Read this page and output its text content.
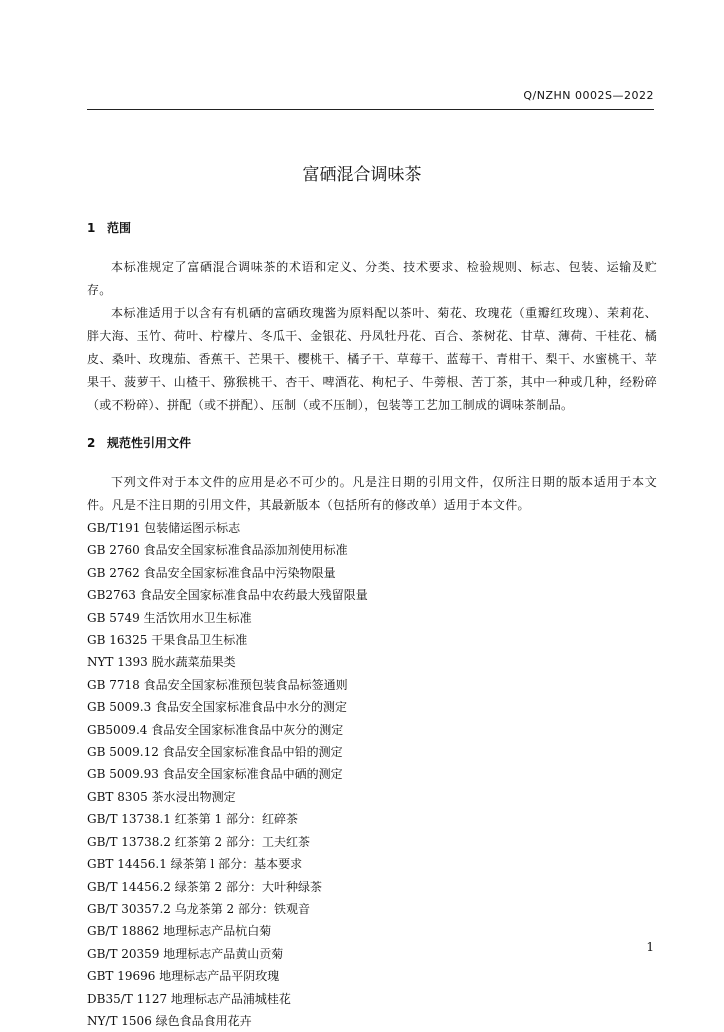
Q/NZHN 0002S—2022
富硒混合调味茶
1 范围

本标准规定了富硒混合调味茶的术语和定义、分类、技术要求、检验规则、标志、包装、运输及贮存。

本标准适用于以含有有机硒的富硒玫瑰酱为原料配以茶叶、菊花、玫瑰花（重瓣红玫瑰）、茉莉花、胖大海、玉竹、荷叶、柠檬片、冬瓜干、金银花、丹凤牡丹花、百合、茶树花、甘草、薄荷、干桂花、橘皮、桑叶、玫瑰茄、香蕉干、芒果干、樱桃干、橘子干、草莓干、蓝莓干、青柑干、梨干、水蜜桃干、苹果干、菠萝干、山楂干、猕猴桃干、杏干、啤酒花、枸杞子、牛蒡根、苦丁茶，其中一种或几种，经粉碎（或不粉碎）、拼配（或不拼配）、压制（或不压制），包装等工艺加工制成的调味茶制品。

2 规范性引用文件

下列文件对于本文件的应用是必不可少的。凡是注日期的引用文件，仅所注日期的版本适用于本文件。凡是不注日期的引用文件，其最新版本（包括所有的修改单）适用于本文件。

GB/T191 包装储运图示标志
GB 2760 食品安全国家标准食品添加剂使用标准
GB 2762 食品安全国家标准食品中污染物限量
GB2763 食品安全国家标准食品中农药最大残留限量
GB 5749 生活饮用水卫生标准
GB 16325 干果食品卫生标准
NYT 1393 脱水蔬菜茄果类
GB 7718 食品安全国家标准预包装食品标签通则
GB 5009.3 食品安全国家标准食品中水分的测定
GB5009.4 食品安全国家标准食品中灰分的测定
GB 5009.12 食品安全国家标准食品中铅的测定
GB 5009.93 食品安全国家标准食品中硒的测定
GBT 8305 茶水浸出物测定
GB/T 13738.1 红茶第 1 部分：红碎茶
GB/T 13738.2 红茶第 2 部分：工夫红茶
GBT 14456.1 绿茶第 l 部分：基本要求
GB/T 14456.2 绿茶第 2 部分：大叶种绿茶
GB/T 30357.2 乌龙茶第 2 部分：铁观音
GB/T 18862 地理标志产品杭白菊
GB/T 20359 地理标志产品黄山贡菊
GBT 19696 地理标志产品平阴玫瑰
DB35/T 1127 地理标志产品浦城桂花
NY/T 1506 绿色食品食用花卉
1
